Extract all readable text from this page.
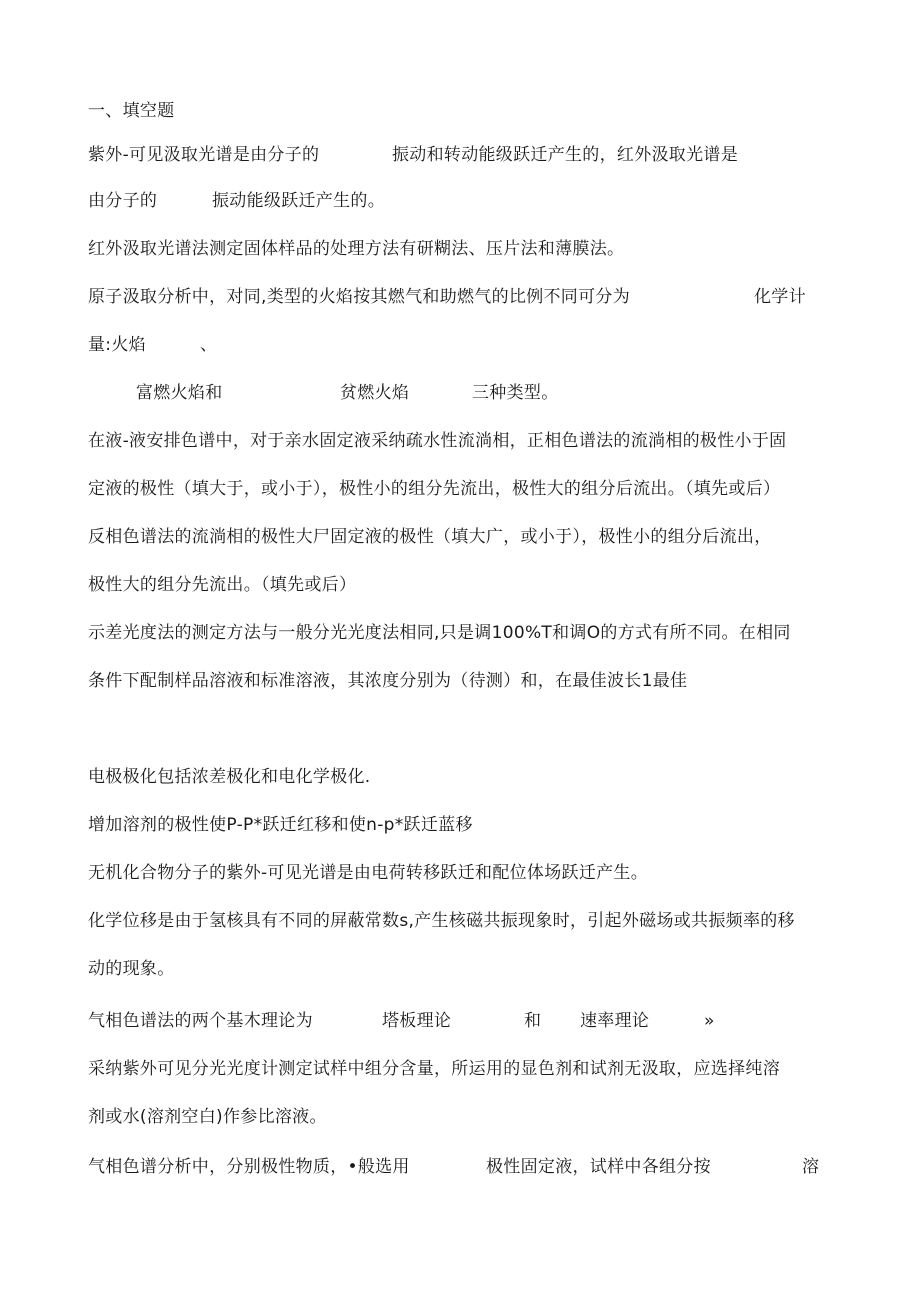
一、填空题
紫外-可见汲取光谱是由分子的	振动和转动能级跃迁产生的，红外汲取光谱是
由分子的	振动能级跃迁产生的。
红外汲取光谱法测定固体样品的处理方法有研糊法、压片法和薄膜法。
原子汲取分析中，对同,类型的火焰按其燃气和助燃气的比例不同可分为	化学计
量:火焰	、
富燃火焰和	贫燃火焰	三种类型。
在液-液安排色谱中，对于亲水固定液采纳疏水性流淌相，正相色谱法的流淌相的极性小于固
定液的极性（填大于，或小于），极性小的组分先流出，极性大的组分后流出。（填先或后）
反相色谱法的流淌相的极性大尸固定液的极性（填大广，或小于），极性小的组分后流出，
极性大的组分先流出。（填先或后）
示差光度法的测定方法与一般分光光度法相同,只是调100%T和调O的方式有所不同。在相同
条件下配制样品溶液和标准溶液，其浓度分别为（待测）和，在最佳波长1最佳
电极极化包括浓差极化和电化学极化.
增加溶剂的极性使P-P*跃迁红移和使n-p*跃迁蓝移
无机化合物分子的紫外-可见光谱是由电荷转移跃迁和配位体场跃迁产生。
化学位移是由于氢核具有不同的屏蔽常数s,产生核磁共振现象时，引起外磁场或共振频率的移
动的现象。
气相色谱法的两个基木理论为	塔板理论	和 速率理论	»
采纳紫外可见分光光度计测定试样中组分含量，所运用的显色剂和试剂无汲取，应选择纯溶
剂或水(溶剂空白)作参比溶液。
气相色谱分析中，分别极性物质，•般选用	极性固定液，试样中各组分按	溶
